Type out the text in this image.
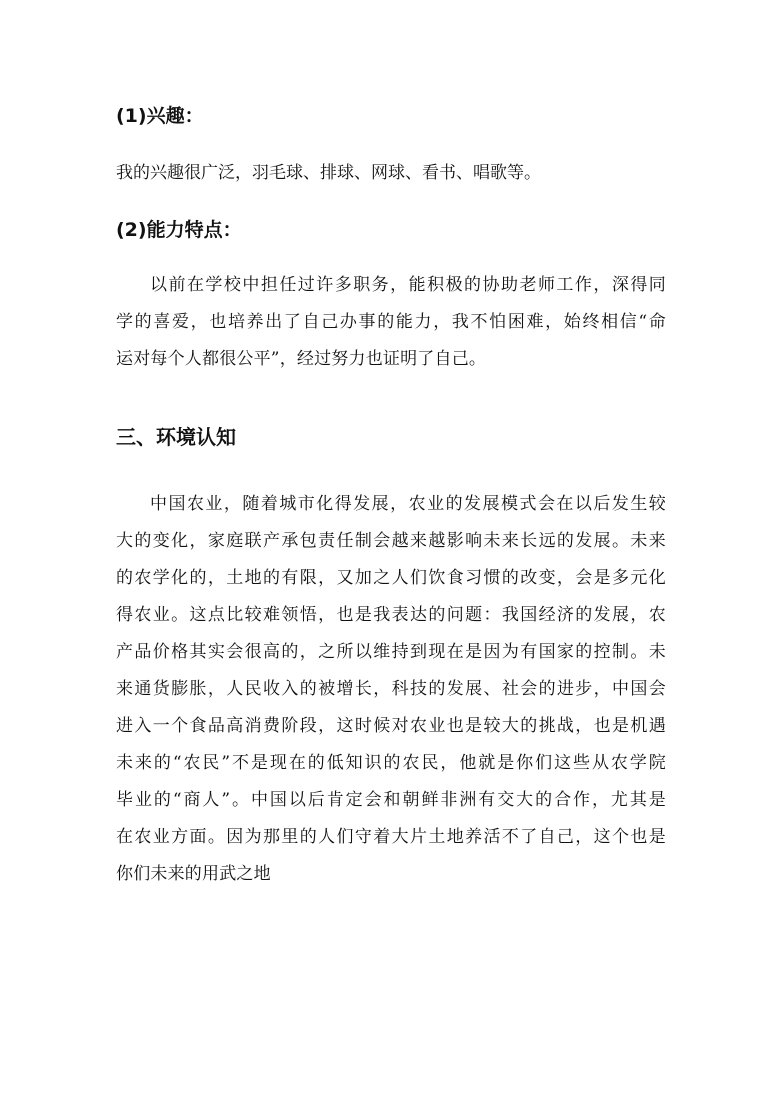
(1)兴趣：
我的兴趣很广泛，羽毛球、排球、网球、看书、唱歌等。
(2)能力特点：
以前在学校中担任过许多职务，能积极的协助老师工作，深得同
学的喜爱，也培养出了自己办事的能力，我不怕困难，始终相信“命
运对每个人都很公平”，经过努力也证明了自己。
三、环境认知
中国农业，随着城市化得发展，农业的发展模式会在以后发生较
大的变化，家庭联产承包责任制会越来越影响未来长远的发展。未来
的农学化的，土地的有限，又加之人们饮食习惯的改变，会是多元化
得农业。这点比较难领悟，也是我表达的问题：我国经济的发展，农
产品价格其实会很高的，之所以维持到现在是因为有国家的控制。未
来通货膨胀，人民收入的被增长，科技的发展、社会的进步，中国会
进入一个食品高消费阶段，这时候对农业也是较大的挑战，也是机遇
未来的“农民”不是现在的低知识的农民，他就是你们这些从农学院
毕业的“商人”。中国以后肯定会和朝鲜非洲有交大的合作，尤其是
在农业方面。因为那里的人们守着大片土地养活不了自己，这个也是
你们未来的用武之地
